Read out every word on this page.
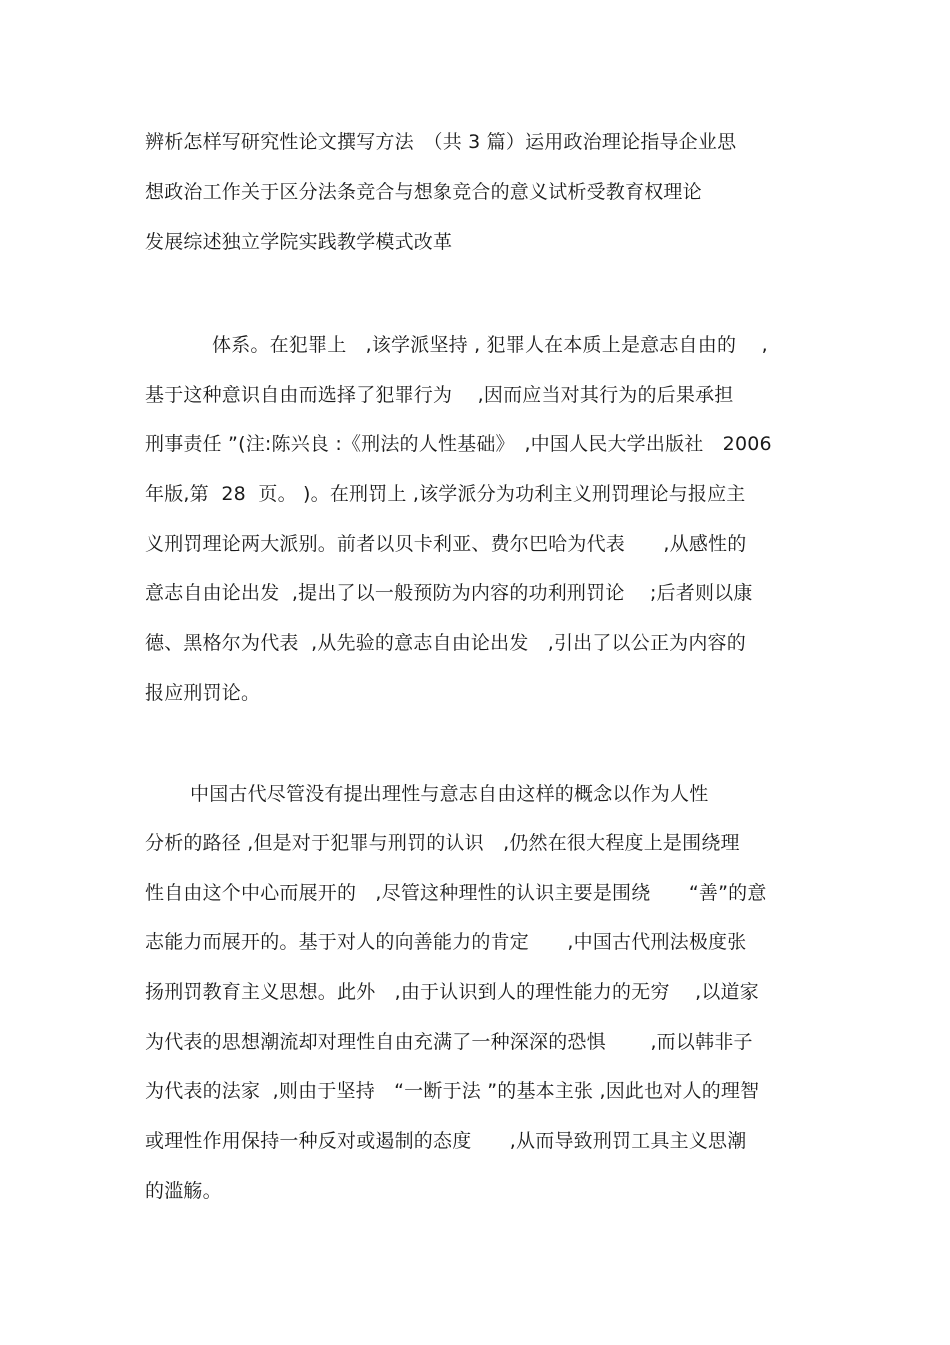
辨析怎样写研究性论文撰写方法　（共 3 篇）运用政治理论指导企业思
想政治工作关于区分法条竞合与想象竞合的意义试析受教育权理论
发展综述独立学院实践教学模式改革
体系。在犯罪上　,该学派坚持 , 犯罪人在本质上是意志自由的　 ,
基于这种意识自由而选择了犯罪行为　 ,因而应当对其行为的后果承担
刑事责任 ”(注:陈兴良 :《刑法的人性基础》　,中国人民大学出版社　2006
年版,第  28  页。 )。在刑罚上 ,该学派分为功利主义刑罚理论与报应主
义刑罚理论两大派别。前者以贝卡利亚、费尔巴哈为代表　　,从感性的
意志自由论出发  ,提出了以一般预防为内容的功利刑罚论　 ;后者则以康
德、黑格尔为代表  ,从先验的意志自由论出发　,引出了以公正为内容的
报应刑罚论。
中国古代尽管没有提出理性与意志自由这样的概念以作为人性
分析的路径 ,但是对于犯罪与刑罚的认识　,仍然在很大程度上是围绕理
性自由这个中心而展开的　,尽管这种理性的认识主要是围绕　　“善”的意
志能力而展开的。基于对人的向善能力的肯定　　,中国古代刑法极度张
扬刑罚教育主义思想。此外　,由于认识到人的理性能力的无穷　 ,以道家
为代表的思想潮流却对理性自由充满了一种深深的恐惧　　 ,而以韩非子
为代表的法家  ,则由于坚持　“一断于法 ”的基本主张 ,因此也对人的理智
或理性作用保持一种反对或遏制的态度　　,从而导致刑罚工具主义思潮
的滥觞。
